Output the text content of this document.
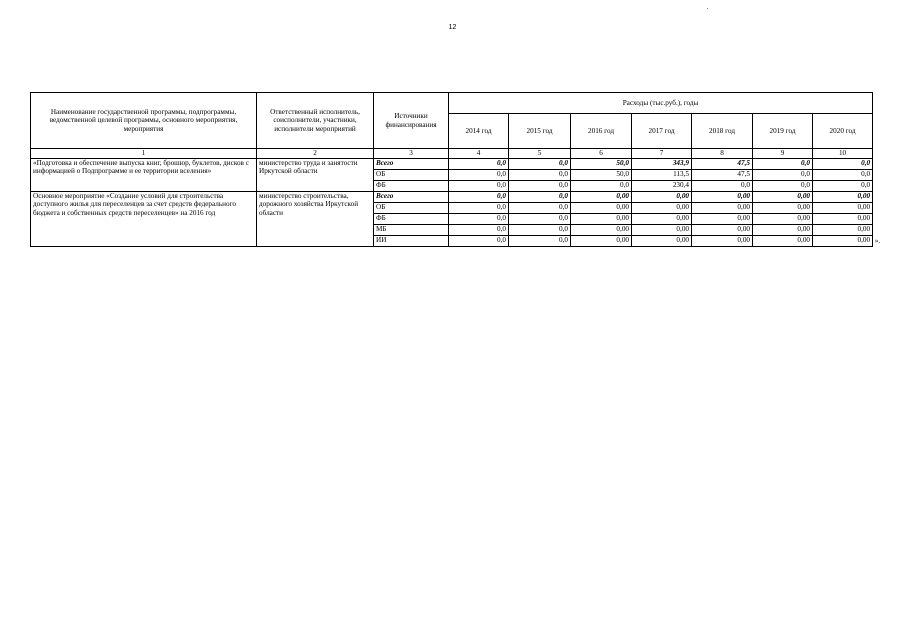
12
Наименование государственной программы, подпрограммы, ведомственной целевой программы, основного мероприятия, мероприятия	Ответственный исполнитель, соисполнители, участники, исполнители мероприятий	Источники финансирования	Расходы (тыс.руб.), годы						
			2014 год	2015 год	2016 год	2017 год	2018 год	2019 год	2020 год
1	2	3	4	5	6	7	8	9	10
«Подготовка и обеспечение выпуска книг, брошюр, буклетов, дисков с информацией о Подпрограмме и ее территории вселения»	министерство труда и занятости Иркутской области	Всего	0,0	0,0	50,0	343,9	47,5	0,0	0,0
		ОБ	0,0	0,0	50,0	113,5	47,5	0,0	0,0
		ФБ	0,0	0,0	0,0	230,4	0,0	0,0	0,0
Основное мероприятие «Создание условий для строительства доступного жилья для переселенцев за счет средств федерального бюджета и собственных средств переселенцев» на 2016 год	министерство строительства, дорожного хозяйства Иркутской области	Всего	0,0	0,0	0,00	0,00	0,00	0,00	0,00
		ОБ	0,0	0,0	0,00	0,00	0,00	0,00	0,00
		ФБ	0,0	0,0	0,00	0,00	0,00	0,00	0,00
		МБ	0,0	0,0	0,00	0,00	0,00	0,00	0,00
		ИИ	0,0	0,0	0,00	0,00	0,00	0,00	0,00 ».
